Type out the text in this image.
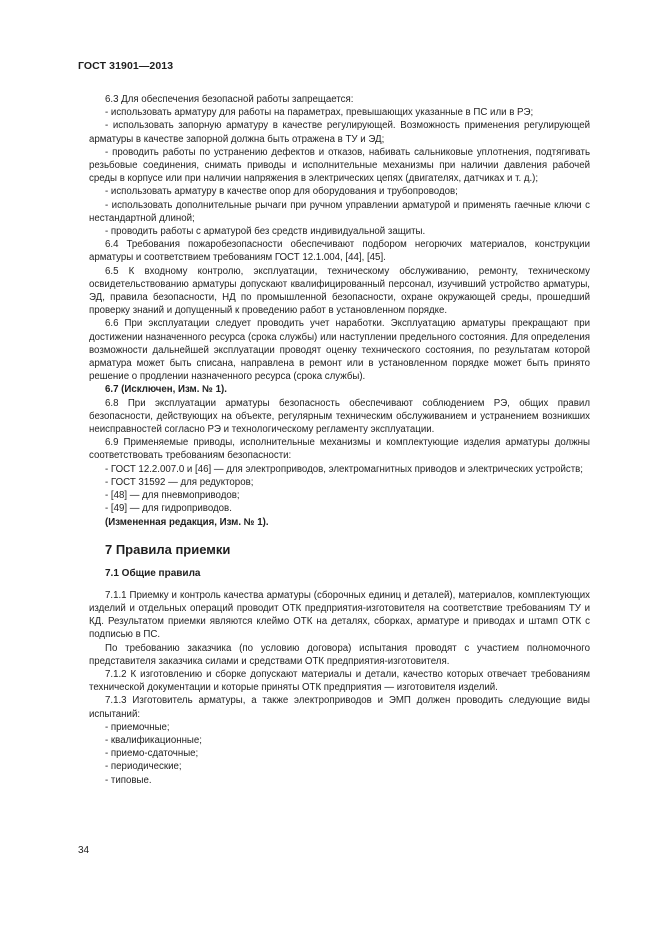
ГОСТ 31901—2013

6.3 Для обеспечения безопасной работы запрещается:

- использовать арматуру для работы на параметрах, превышающих указанные в ПС или в РЭ;

- использовать запорную арматуру в качестве регулирующей. Возможность применения регулирующей арматуры в качестве запорной должна быть отражена в ТУ и ЭД;

- проводить работы по устранению дефектов и отказов, набивать сальниковые уплотнения, подтягивать резьбовые соединения, снимать приводы и исполнительные механизмы при наличии давления рабочей среды в корпусе или при наличии напряжения в электрических цепях (двигателях, датчиках и т. д.);

- использовать арматуру в качестве опор для оборудования и трубопроводов;

- использовать дополнительные рычаги при ручном управлении арматурой и применять гаечные ключи с нестандартной длиной;

- проводить работы с арматурой без средств индивидуальной защиты.

6.4 Требования пожаробезопасности обеспечивают подбором негорючих материалов, конструкции арматуры и соответствием требованиям ГОСТ 12.1.004, [44], [45].

6.5 К входному контролю, эксплуатации, техническому обслуживанию, ремонту, техническому освидетельствованию арматуры допускают квалифицированный персонал, изучивший устройство арматуры, ЭД, правила безопасности, НД по промышленной безопасности, охране окружающей среды, прошедший проверку знаний и допущенный к проведению работ в установленном порядке.

6.6 При эксплуатации следует проводить учет наработки. Эксплуатацию арматуры прекращают при достижении назначенного ресурса (срока службы) или наступлении предельного состояния. Для определения возможности дальнейшей эксплуатации проводят оценку технического состояния, по результатам которой арматура может быть списана, направлена в ремонт или в установленном порядке может быть принято решение о продлении назначенного ресурса (срока службы).

6.7 (Исключен, Изм. № 1).

6.8 При эксплуатации арматуры безопасность обеспечивают соблюдением РЭ, общих правил безопасности, действующих на объекте, регулярным техническим обслуживанием и устранением возникших неисправностей согласно РЭ и технологическому регламенту эксплуатации.

6.9 Применяемые приводы, исполнительные механизмы и комплектующие изделия арматуры должны соответствовать требованиям безопасности:

- ГОСТ 12.2.007.0 и [46] — для электроприводов, электромагнитных приводов и электрических устройств;

- ГОСТ 31592 — для редукторов;

- [48] — для пневмоприводов;

- [49] — для гидроприводов.

(Измененная редакция, Изм. № 1).

7 Правила приемки
7.1 Общие правила

7.1.1 Приемку и контроль качества арматуры (сборочных единиц и деталей), материалов, комплектующих изделий и отдельных операций проводит ОТК предприятия-изготовителя на соответствие требованиям ТУ и КД. Результатом приемки являются клеймо ОТК на деталях, сборках, арматуре и приводах и штамп ОТК с подписью в ПС.

По требованию заказчика (по условию договора) испытания проводят с участием полномочного представителя заказчика силами и средствами ОТК предприятия-изготовителя.

7.1.2 К изготовлению и сборке допускают материалы и детали, качество которых отвечает требованиям технической документации и которые приняты ОТК предприятия — изготовителя изделий.

7.1.3 Изготовитель арматуры, а также электроприводов и ЭМП должен проводить следующие виды испытаний:

- приемочные;

- квалификационные;

- приемо-сдаточные;

- периодические;

- типовые.

34
